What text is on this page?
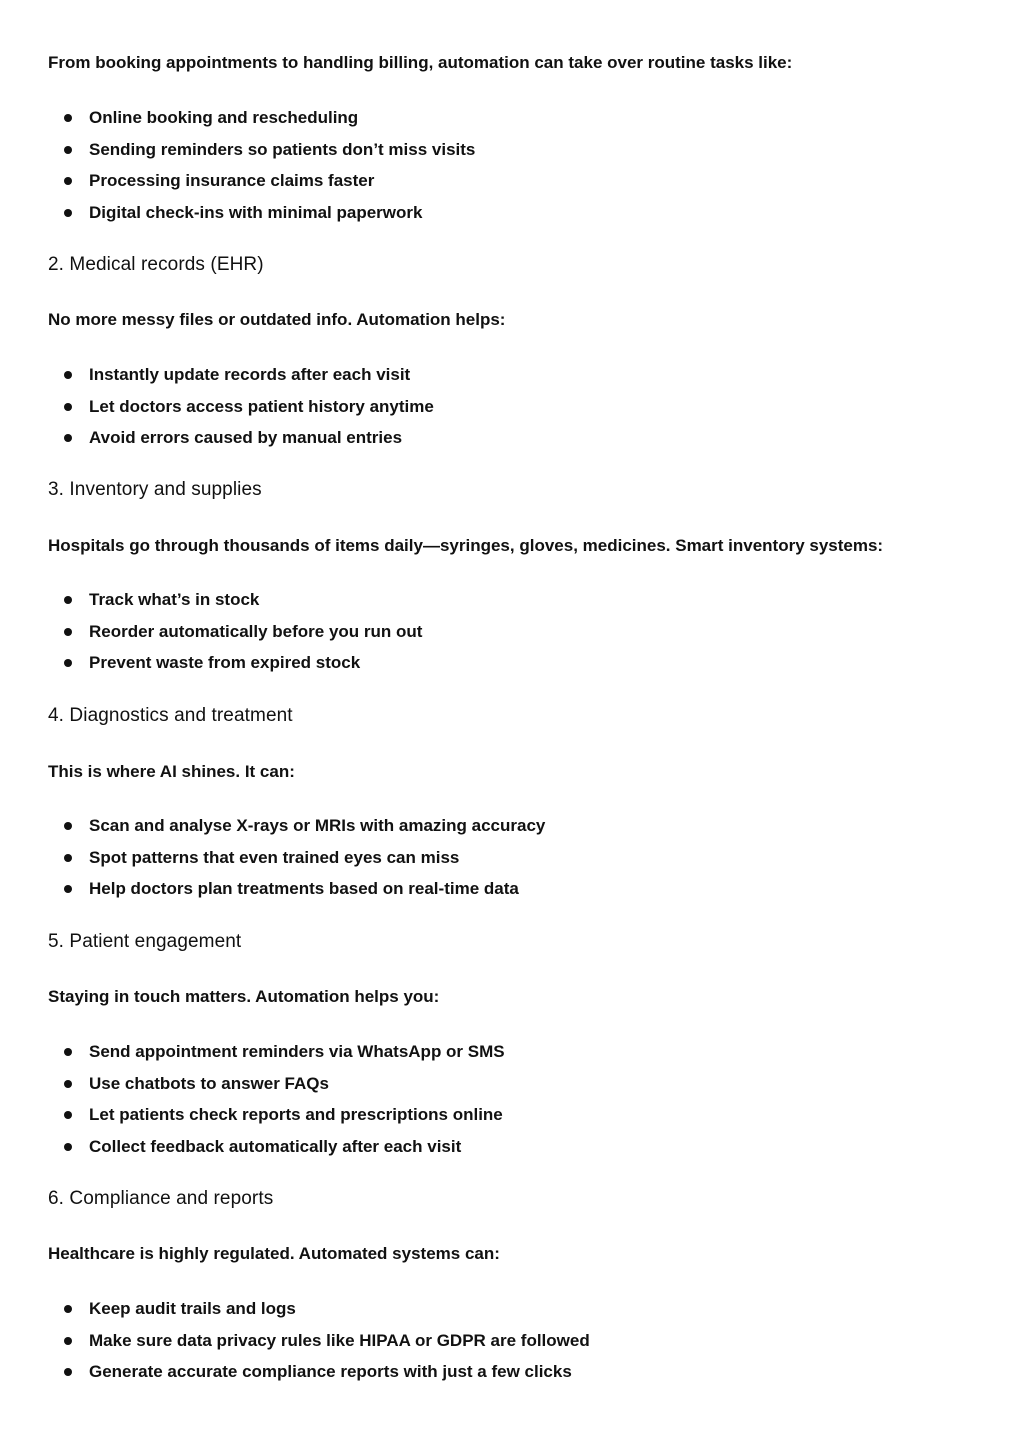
From booking appointments to handling billing, automation can take over routine tasks like:

Online booking and rescheduling
Sending reminders so patients don’t miss visits
Processing insurance claims faster
Digital check-ins with minimal paperwork
2. Medical records (EHR)

No more messy files or outdated info. Automation helps:

Instantly update records after each visit
Let doctors access patient history anytime
Avoid errors caused by manual entries
3. Inventory and supplies

Hospitals go through thousands of items daily—syringes, gloves, medicines. Smart inventory systems:

Track what’s in stock
Reorder automatically before you run out
Prevent waste from expired stock
4. Diagnostics and treatment

This is where AI shines. It can:

Scan and analyse X-rays or MRIs with amazing accuracy
Spot patterns that even trained eyes can miss
Help doctors plan treatments based on real-time data
5. Patient engagement

Staying in touch matters. Automation helps you:

Send appointment reminders via WhatsApp or SMS
Use chatbots to answer FAQs
Let patients check reports and prescriptions online
Collect feedback automatically after each visit
6. Compliance and reports

Healthcare is highly regulated. Automated systems can:

Keep audit trails and logs
Make sure data privacy rules like HIPAA or GDPR are followed
Generate accurate compliance reports with just a few clicks
